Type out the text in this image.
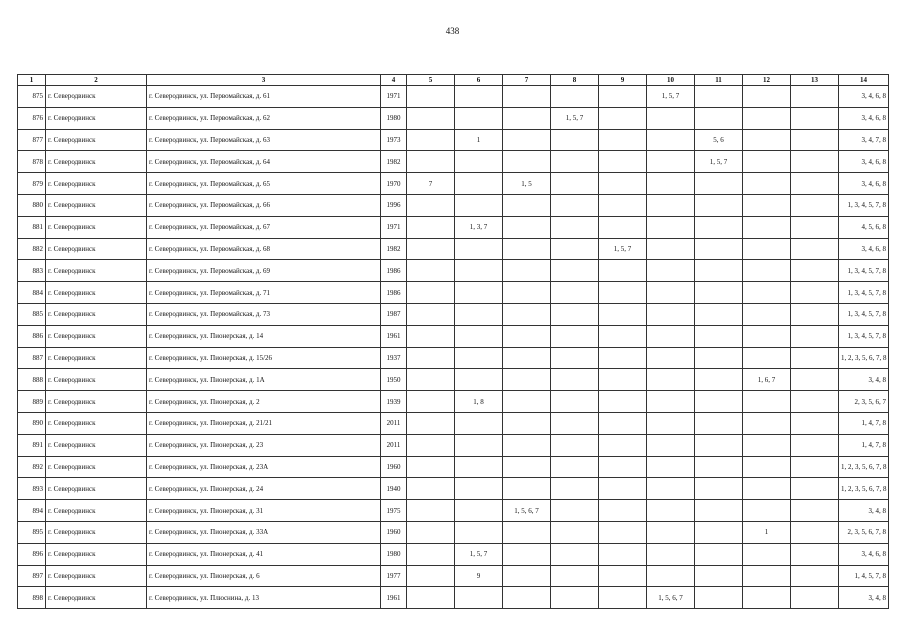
438
1	2	3	4	5	6	7	8	9	10	11	12	13	14
875	г. Северодвинск	г. Северодвинск, ул. Первомайская, д. 61	1971						1, 5, 7				3, 4, 6, 8
876	г. Северодвинск	г. Северодвинск, ул. Первомайская, д. 62	1980				1, 5, 7						3, 4, 6, 8
877	г. Северодвинск	г. Северодвинск, ул. Первомайская, д. 63	1973		1					5, 6			3, 4, 7, 8
878	г. Северодвинск	г. Северодвинск, ул. Первомайская, д. 64	1982							1, 5, 7			3, 4, 6, 8
879	г. Северодвинск	г. Северодвинск, ул. Первомайская, д. 65	1970	7		1, 5							3, 4, 6, 8
880	г. Северодвинск	г. Северодвинск, ул. Первомайская, д. 66	1996										1, 3, 4, 5, 7, 8
881	г. Северодвинск	г. Северодвинск, ул. Первомайская, д. 67	1971		1, 3, 7								4, 5, 6, 8
882	г. Северодвинск	г. Северодвинск, ул. Первомайская, д. 68	1982					1, 5, 7					3, 4, 6, 8
883	г. Северодвинск	г. Северодвинск, ул. Первомайская, д. 69	1986										1, 3, 4, 5, 7, 8
884	г. Северодвинск	г. Северодвинск, ул. Первомайская, д. 71	1986										1, 3, 4, 5, 7, 8
885	г. Северодвинск	г. Северодвинск, ул. Первомайская, д. 73	1987										1, 3, 4, 5, 7, 8
886	г. Северодвинск	г. Северодвинск, ул. Пионерская, д. 14	1961										1, 3, 4, 5, 7, 8
887	г. Северодвинск	г. Северодвинск, ул. Пионерская, д. 15/26	1937										1, 2, 3, 5, 6, 7, 8
888	г. Северодвинск	г. Северодвинск, ул. Пионерская, д. 1А	1950								1, 6, 7		3, 4, 8
889	г. Северодвинск	г. Северодвинск, ул. Пионерская, д. 2	1939		1, 8								2, 3, 5, 6, 7
890	г. Северодвинск	г. Северодвинск, ул. Пионерская, д. 21/21	2011										1, 4, 7, 8
891	г. Северодвинск	г. Северодвинск, ул. Пионерская, д. 23	2011										1, 4, 7, 8
892	г. Северодвинск	г. Северодвинск, ул. Пионерская, д. 23А	1960										1, 2, 3, 5, 6, 7, 8
893	г. Северодвинск	г. Северодвинск, ул. Пионерская, д. 24	1940										1, 2, 3, 5, 6, 7, 8
894	г. Северодвинск	г. Северодвинск, ул. Пионерская, д. 31	1975			1, 5, 6, 7							3, 4, 8
895	г. Северодвинск	г. Северодвинск, ул. Пионерская, д. 33А	1960								1		2, 3, 5, 6, 7, 8
896	г. Северодвинск	г. Северодвинск, ул. Пионерская, д. 41	1980		1, 5, 7								3, 4, 6, 8
897	г. Северодвинск	г. Северодвинск, ул. Пионерская, д. 6	1977		9								1, 4, 5, 7, 8
898	г. Северодвинск	г. Северодвинск, ул. Плюснина, д. 13	1961						1, 5, 6, 7				3, 4, 8
